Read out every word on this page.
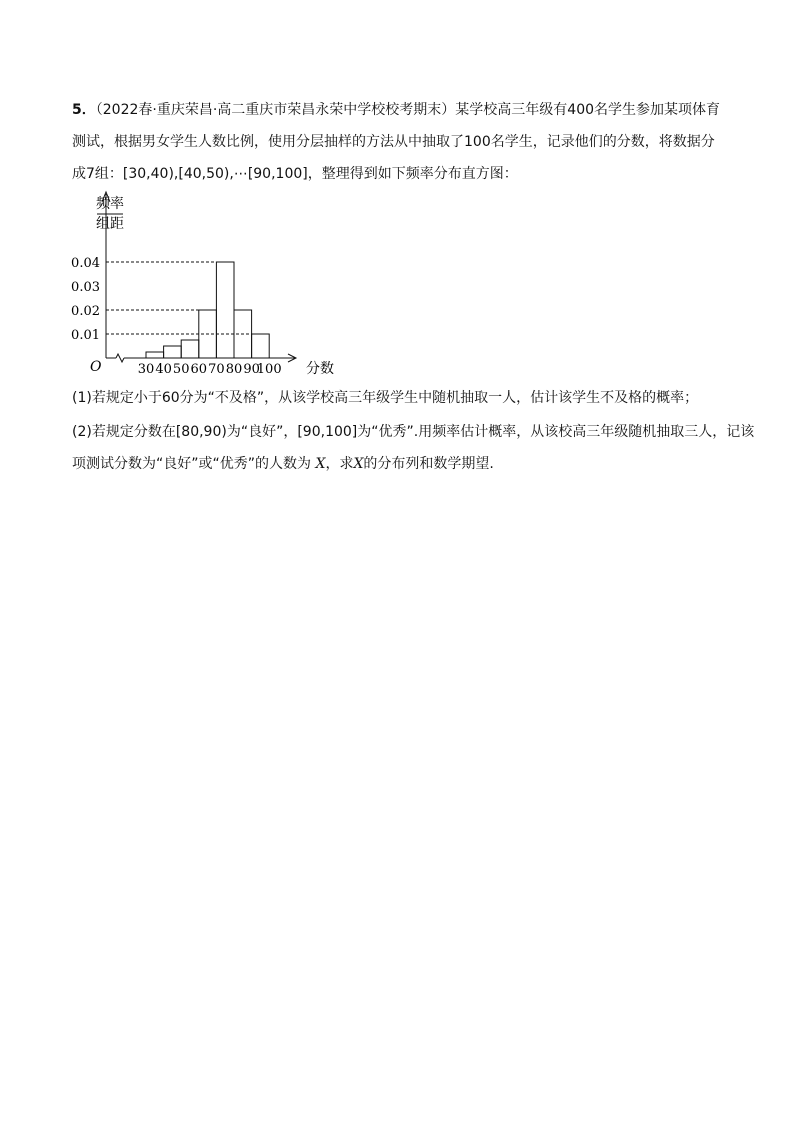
5．（2022春·重庆荣昌·高二重庆市荣昌永荣中学校校考期末）某学校高三年级有400名学生参加某项体育
测试，根据男女学生人数比例，使用分层抽样的方法从中抽取了100名学生，记录他们的分数，将数据分
成7组：[30,40),[40,50),⋯[90,100]，整理得到如下频率分布直方图：
0.04
0.03
0.02
0.01
30 40 50 60 70 80 90
100
频率
组距
分数
O
(1)若规定小于60分为“不及格”，从该学校高三年级学生中随机抽取一人，估计该学生不及格的概率；
(2)若规定分数在[80,90)为“良好”，[90,100]为“优秀”.用频率估计概率，从该校高三年级随机抽取三人，记该
项测试分数为“良好”或“优秀”的人数为 X，求X的分布列和数学期望.
